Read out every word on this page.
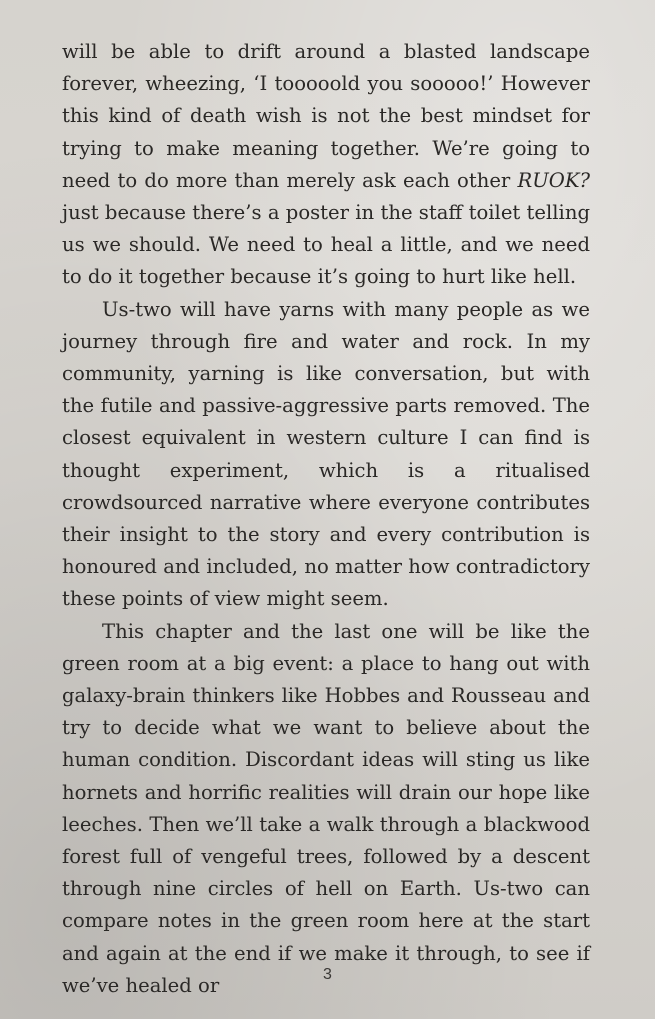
will be able to drift around a blasted landscape forever, wheezing, ‘I tooooold you sooooo!’ However this kind of death wish is not the best mindset for trying to make meaning together. We’re going to need to do more than merely ask each other RUOK? just because there’s a poster in the staff toilet telling us we should. We need to heal a little, and we need to do it together because it’s going to hurt like hell.

Us-two will have yarns with many people as we journey through fire and water and rock. In my community, yarning is like conversation, but with the futile and passive-aggressive parts removed. The closest equivalent in western culture I can find is thought experiment, which is a ritualised crowdsourced narrative where everyone contributes their insight to the story and every contribution is honoured and included, no matter how contradictory these points of view might seem.

This chapter and the last one will be like the green room at a big event: a place to hang out with galaxy-brain thinkers like Hobbes and Rousseau and try to decide what we want to believe about the human condition. Discordant ideas will sting us like hornets and horrific realities will drain our hope like leeches. Then we’ll take a walk through a blackwood forest full of vengeful trees, followed by a descent through nine circles of hell on Earth. Us-two can compare notes in the green room here at the start and again at the end if we make it through, to see if we’ve healed or	3
